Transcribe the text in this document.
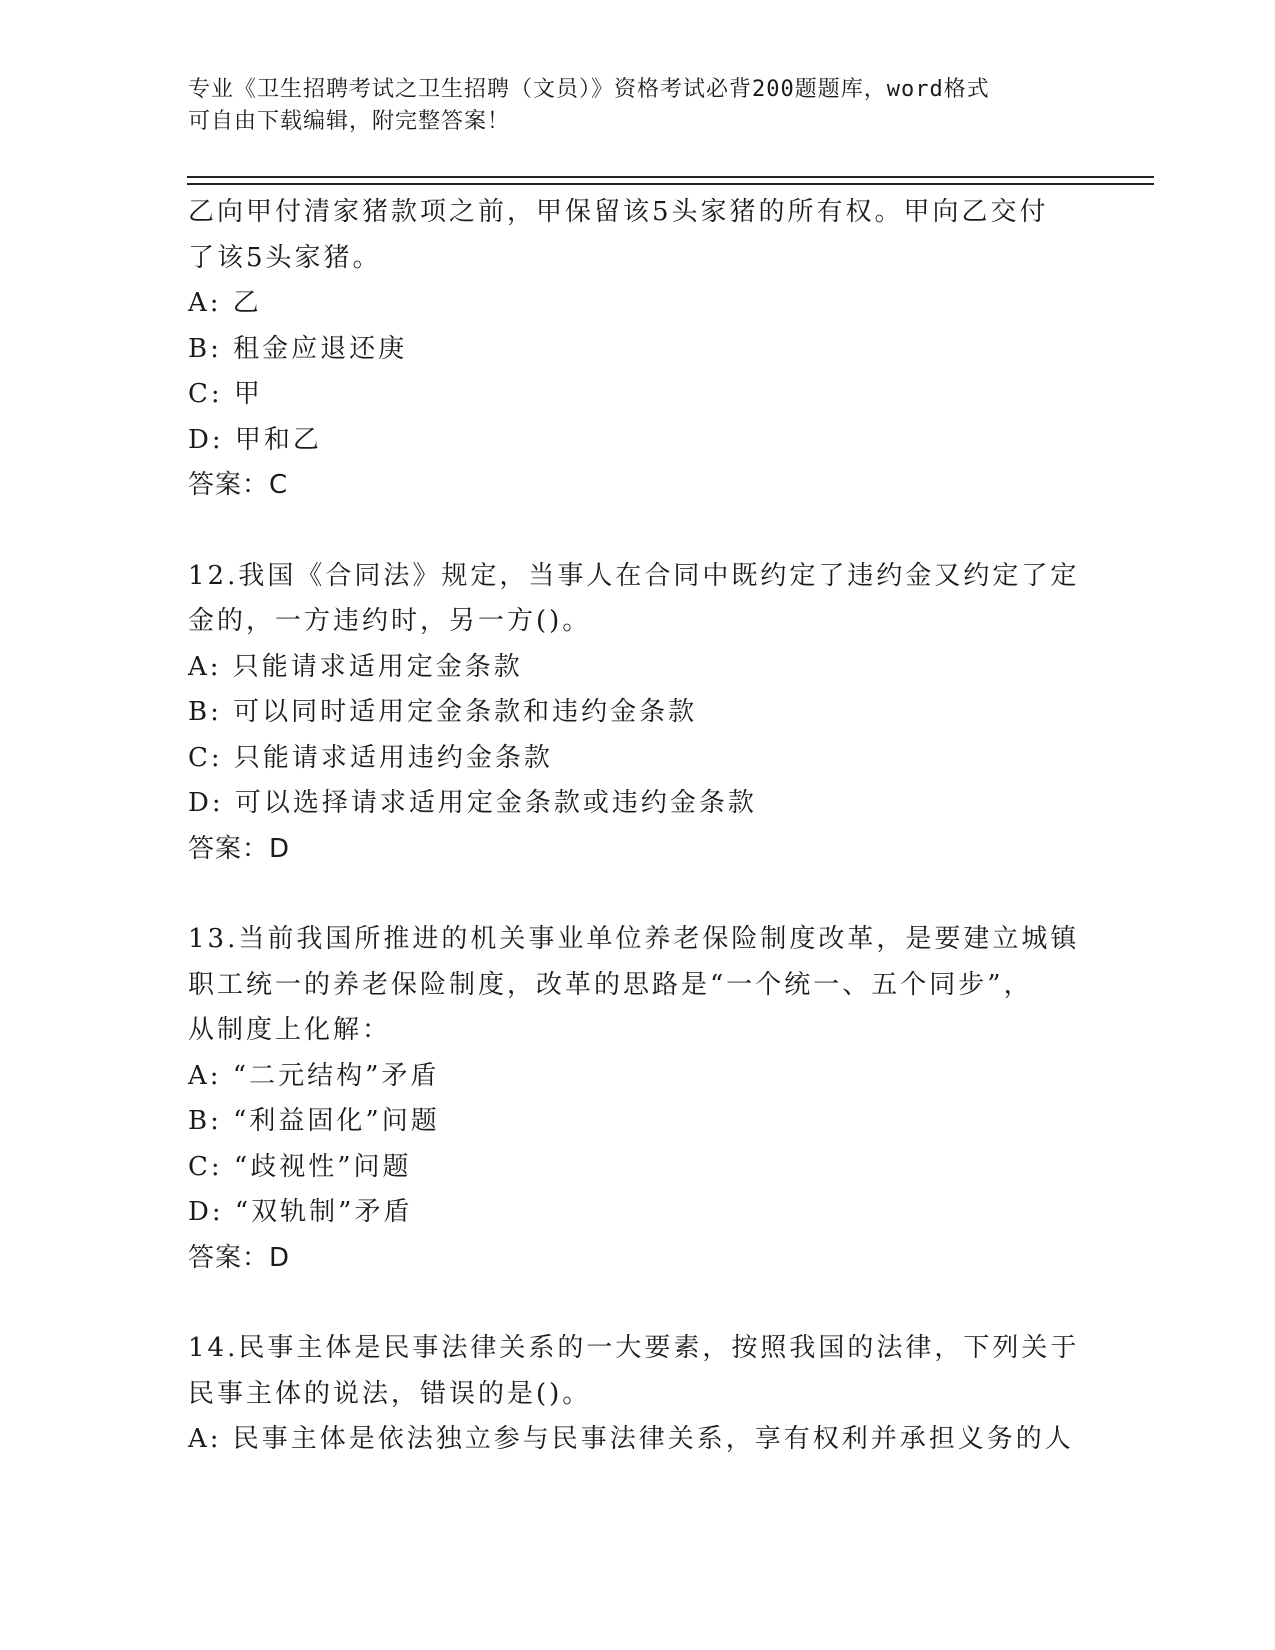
专业《卫生招聘考试之卫生招聘（文员）》资格考试必背200题题库，word格式
可自由下载编辑，附完整答案！
乙向甲付清家猪款项之前，甲保留该5头家猪的所有权。甲向乙交付
了该5头家猪。
A: 乙
B: 租金应退还庚
C: 甲
D: 甲和乙
答案：C
12.我国《合同法》规定，当事人在合同中既约定了违约金又约定了定
金的，一方违约时，另一方()。
A: 只能请求适用定金条款
B: 可以同时适用定金条款和违约金条款
C: 只能请求适用违约金条款
D: 可以选择请求适用定金条款或违约金条款
答案：D
13.当前我国所推进的机关事业单位养老保险制度改革，是要建立城镇
职工统一的养老保险制度，改革的思路是“一个统一、五个同步”，
从制度上化解：
A: “二元结构”矛盾
B: “利益固化”问题
C: “歧视性”问题
D: “双轨制”矛盾
答案：D
14.民事主体是民事法律关系的一大要素，按照我国的法律，下列关于
民事主体的说法，错误的是()。
A: 民事主体是依法独立参与民事法律关系，享有权利并承担义务的人
